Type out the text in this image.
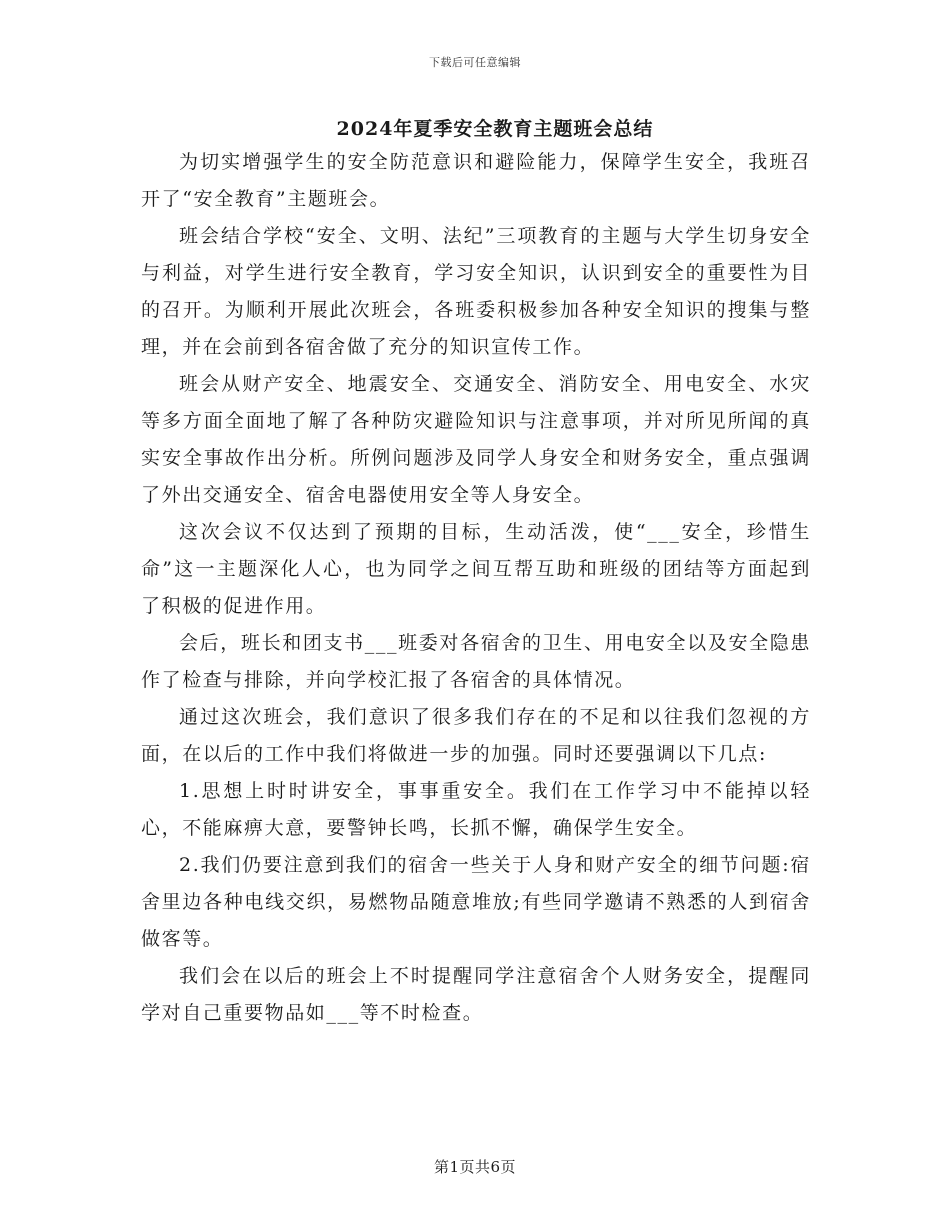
下载后可任意编辑
2024年夏季安全教育主题班会总结

为切实增强学生的安全防范意识和避险能力，保障学生安全，我班召开了“安全教育”主题班会。

班会结合学校“安全、文明、法纪”三项教育的主题与大学生切身安全与利益，对学生进行安全教育，学习安全知识，认识到安全的重要性为目的召开。为顺利开展此次班会，各班委积极参加各种安全知识的搜集与整理，并在会前到各宿舍做了充分的知识宣传工作。

班会从财产安全、地震安全、交通安全、消防安全、用电安全、水灾等多方面全面地了解了各种防灾避险知识与注意事项，并对所见所闻的真实安全事故作出分析。所例问题涉及同学人身安全和财务安全，重点强调了外出交通安全、宿舍电器使用安全等人身安全。

这次会议不仅达到了预期的目标，生动活泼，使“___安全，珍惜生命”这一主题深化人心，也为同学之间互帮互助和班级的团结等方面起到了积极的促进作用。

会后，班长和团支书___班委对各宿舍的卫生、用电安全以及安全隐患作了检查与排除，并向学校汇报了各宿舍的具体情况。

通过这次班会，我们意识了很多我们存在的不足和以往我们忽视的方面，在以后的工作中我们将做进一步的加强。同时还要强调以下几点:

1.思想上时时讲安全，事事重安全。我们在工作学习中不能掉以轻心，不能麻痹大意，要警钟长鸣，长抓不懈，确保学生安全。

2.我们仍要注意到我们的宿舍一些关于人身和财产安全的细节问题:宿舍里边各种电线交织，易燃物品随意堆放;有些同学邀请不熟悉的人到宿舍做客等。

我们会在以后的班会上不时提醒同学注意宿舍个人财务安全，提醒同学对自己重要物品如___等不时检查。

第1页共6页
